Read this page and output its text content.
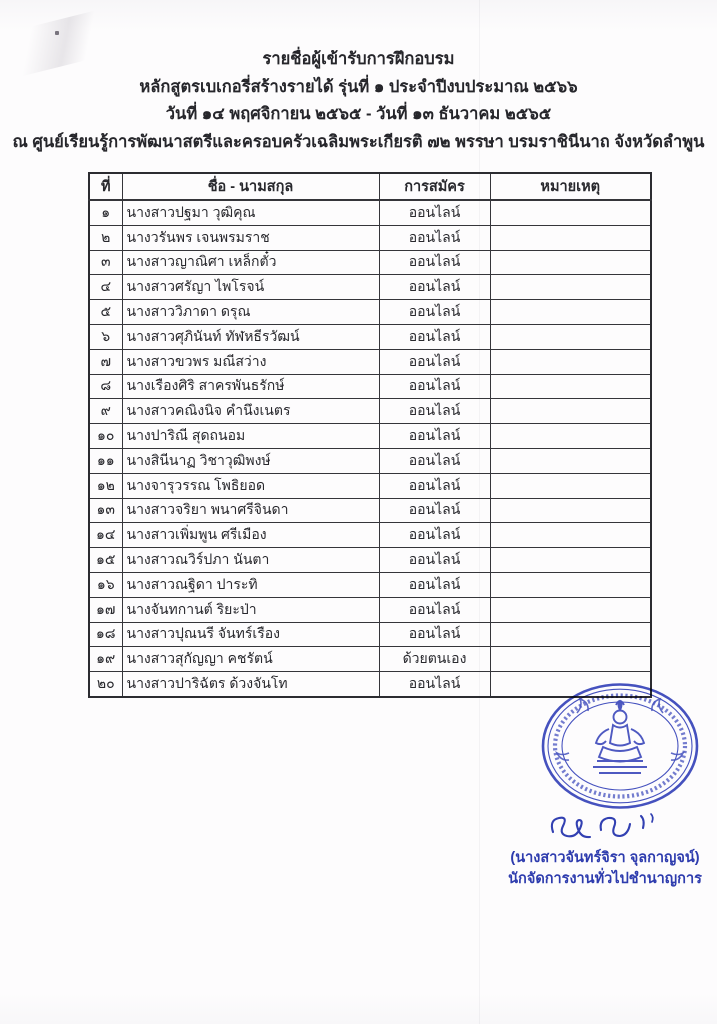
รายชื่อผู้เข้ารับการฝึกอบรม
หลักสูตรเบเกอรี่สร้างรายได้ รุ่นที่ ๑ ประจำปีงบประมาณ ๒๕๖๖
วันที่ ๑๔ พฤศจิกายน ๒๕๖๕ - วันที่ ๑๓ ธันวาคม ๒๕๖๕
ณ ศูนย์เรียนรู้การพัฒนาสตรีและครอบครัวเฉลิมพระเกียรติ ๗๒ พรรษา บรมราชินีนาถ จังหวัดลำพูน
ที่	ชื่อ - นามสกุล	การสมัคร	หมายเหตุ
๑	นางสาวปฐมา วุฒิคุณ	ออนไลน์	
๒	นางวรันพร เจนพรมราช	ออนไลน์	
๓	นางสาวญาณิศา เหล็กตั๋ว	ออนไลน์	
๔	นางสาวศรัญา ไพโรจน์	ออนไลน์	
๕	นางสาววิภาดา ดรุณ	ออนไลน์	
๖	นางสาวศุภินันท์ ทัฬหธีรวัฒน์	ออนไลน์	
๗	นางสาวขวพร มณีสว่าง	ออนไลน์	
๘	นางเรืองศิริ สาครพันธรักษ์	ออนไลน์	
๙	นางสาวคณิงนิจ คำนึงเนตร	ออนไลน์	
๑๐	นางปาริณี สุดถนอม	ออนไลน์	
๑๑	นางสินีนาฏ วิชาวุฒิพงษ์	ออนไลน์	
๑๒	นางจารุวรรณ โพธิยอด	ออนไลน์	
๑๓	นางสาวจริยา พนาศรีจินดา	ออนไลน์	
๑๔	นางสาวเพิ่มพูน ศรีเมือง	ออนไลน์	
๑๕	นางสาวณวิร์ปภา นันตา	ออนไลน์	
๑๖	นางสาวณฐิดา ปาระทิ	ออนไลน์	
๑๗	นางจันทกานต์ ริยะป่า	ออนไลน์	
๑๘	นางสาวปุณนรี จันทร์เรือง	ออนไลน์	
๑๙	นางสาวสุกัญญา คชรัตน์	ด้วยตนเอง	
๒๐	นางสาวปาริฉัตร ด้วงจันโท	ออนไลน์	
(นางสาวจันทร์จิรา จุลกาญจน์)
นักจัดการงานทั่วไปชำนาญการ
